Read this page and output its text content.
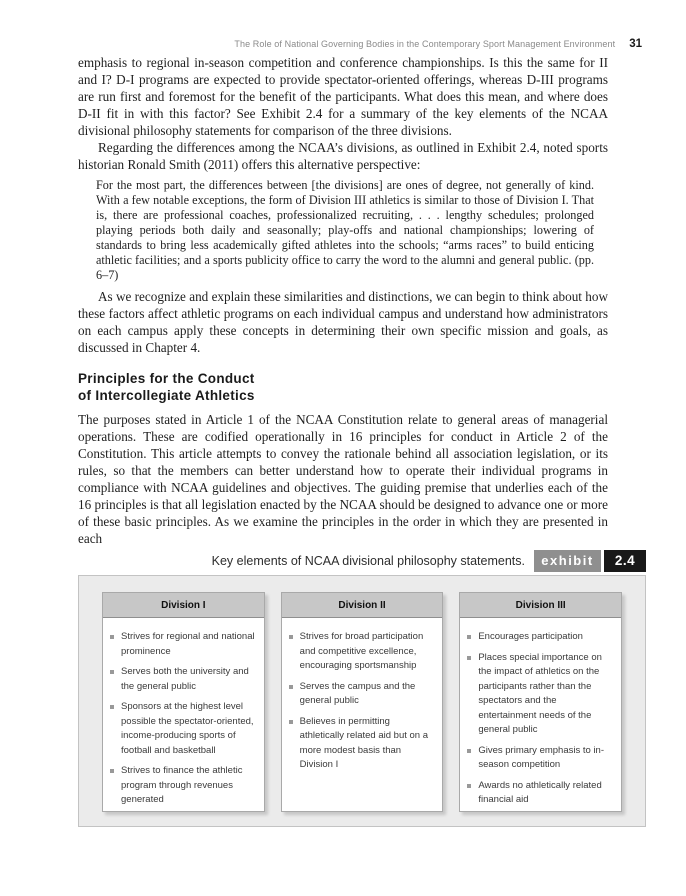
The Role of National Governing Bodies in the Contemporary Sport Management Environment 31

emphasis to regional in-season competition and conference championships. Is this the same for II and I? D-I programs are expected to provide spectator-oriented offerings, whereas D-III programs are run first and foremost for the benefit of the participants. What does this mean, and where does D-II fit in with this factor? See Exhibit 2.4 for a summary of the key elements of the NCAA divisional philosophy statements for comparison of the three divisions.

Regarding the differences among the NCAA’s divisions, as outlined in Exhibit 2.4, noted sports historian Ronald Smith (2011) offers this alternative perspective:

For the most part, the differences between [the divisions] are ones of degree, not generally of kind. With a few notable exceptions, the form of Division III athletics is similar to those of Division I. That is, there are professional coaches, professionalized recruiting, . . . lengthy schedules; prolonged playing periods both daily and seasonally; play-offs and national championships; lowering of standards to bring less academically gifted athletes into the schools; “arms races” to build enticing athletic facilities; and a sports publicity office to carry the word to the alumni and general public. (pp. 6–7)

As we recognize and explain these similarities and distinctions, we can begin to think about how these factors affect athletic programs on each individual campus and understand how administrators on each campus apply these concepts in determining their own specific mission and goals, as discussed in Chapter 4.

Principles for the Conduct
of Intercollegiate Athletics

The purposes stated in Article 1 of the NCAA Constitution relate to general areas of managerial operations. These are codified operationally in 16 principles for conduct in Article 2 of the Constitution. This article attempts to convey the rationale behind all association legislation, or its rules, so that the members can better understand how to operate their individual programs in compliance with NCAA guidelines and objectives. The guiding premise that underlies each of the 16 principles is that all legislation enacted by the NCAA should be designed to advance one or more of these basic principles. As we examine the principles in the order in which they are presented in each

Key elements of NCAA divisional philosophy statements.	exhibit	2.4
Division I
Strives for regional and national prominence
Serves both the university and the general public
Sponsors at the highest level possible the spectator-oriented, income-producing sports of football and basketball
Strives to finance the athletic program through revenues generated
Division II
Strives for broad participation and competitive excellence, encouraging sportsmanship
Serves the campus and the general public
Believes in permitting athletically related aid but on a more modest basis than Division I
Division III
Encourages participation
Places special importance on the impact of athletics on the participants rather than the spectators and the entertainment needs of the general public
Gives primary emphasis to in-season competition
Awards no athletically related financial aid
